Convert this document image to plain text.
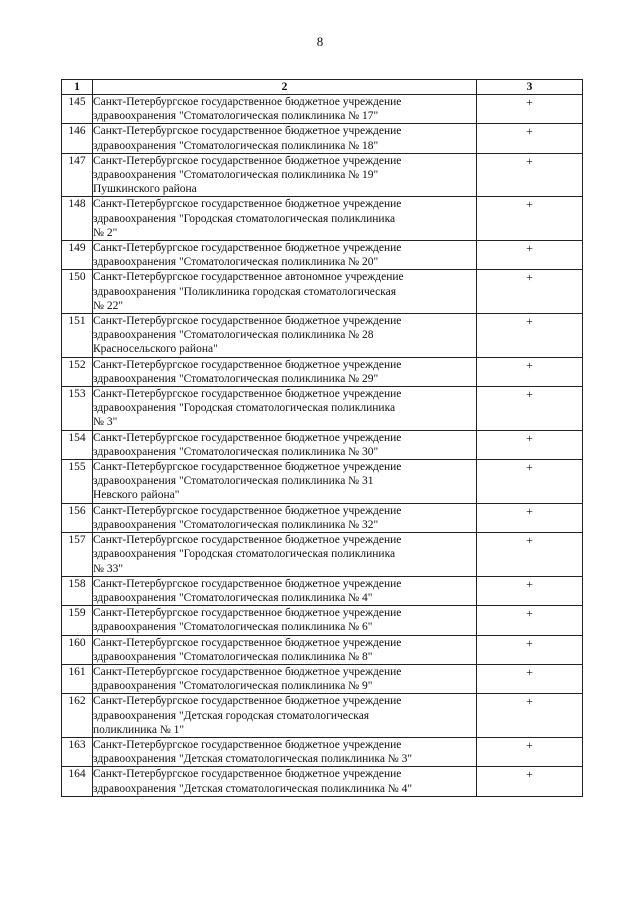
8
1	2	3
145	Санкт-Петербургское государственное бюджетное учреждение
здравоохранения "Стоматологическая поликлиника № 17"	+
146	Санкт-Петербургское государственное бюджетное учреждение
здравоохранения "Стоматологическая поликлиника № 18"	+
147	Санкт-Петербургское государственное бюджетное учреждение
здравоохранения "Стоматологическая поликлиника № 19"
Пушкинского района	+
148	Санкт-Петербургское государственное бюджетное учреждение
здравоохранения "Городская стоматологическая поликлиника
№ 2"	+
149	Санкт-Петербургское государственное бюджетное учреждение
здравоохранения "Стоматологическая поликлиника № 20"	+
150	Санкт-Петербургское государственное автономное учреждение
здравоохранения "Поликлиника городская стоматологическая
№ 22"	+
151	Санкт-Петербургское государственное бюджетное учреждение
здравоохранения "Стоматологическая поликлиника № 28
Красносельского района"	+
152	Санкт-Петербургское государственное бюджетное учреждение
здравоохранения "Стоматологическая поликлиника № 29"	+
153	Санкт-Петербургское государственное бюджетное учреждение
здравоохранения "Городская стоматологическая поликлиника
№ 3"	+
154	Санкт-Петербургское государственное бюджетное учреждение
здравоохранения "Стоматологическая поликлиника № 30"	+
155	Санкт-Петербургское государственное бюджетное учреждение
здравоохранения "Стоматологическая поликлиника № 31
Невского района"	+
156	Санкт-Петербургское государственное бюджетное учреждение
здравоохранения "Стоматологическая поликлиника № 32"	+
157	Санкт-Петербургское государственное бюджетное учреждение
здравоохранения "Городская стоматологическая поликлиника
№ 33"	+
158	Санкт-Петербургское государственное бюджетное учреждение
здравоохранения "Стоматологическая поликлиника № 4"	+
159	Санкт-Петербургское государственное бюджетное учреждение
здравоохранения "Стоматологическая поликлиника № 6"	+
160	Санкт-Петербургское государственное бюджетное учреждение
здравоохранения "Стоматологическая поликлиника № 8"	+
161	Санкт-Петербургское государственное бюджетное учреждение
здравоохранения "Стоматологическая поликлиника № 9"	+
162	Санкт-Петербургское государственное бюджетное учреждение
здравоохранения "Детская городская стоматологическая
поликлиника № 1"	+
163	Санкт-Петербургское государственное бюджетное учреждение
здравоохранения "Детская стоматологическая поликлиника № 3"	+
164	Санкт-Петербургское государственное бюджетное учреждение
здравоохранения "Детская стоматологическая поликлиника № 4"	+
